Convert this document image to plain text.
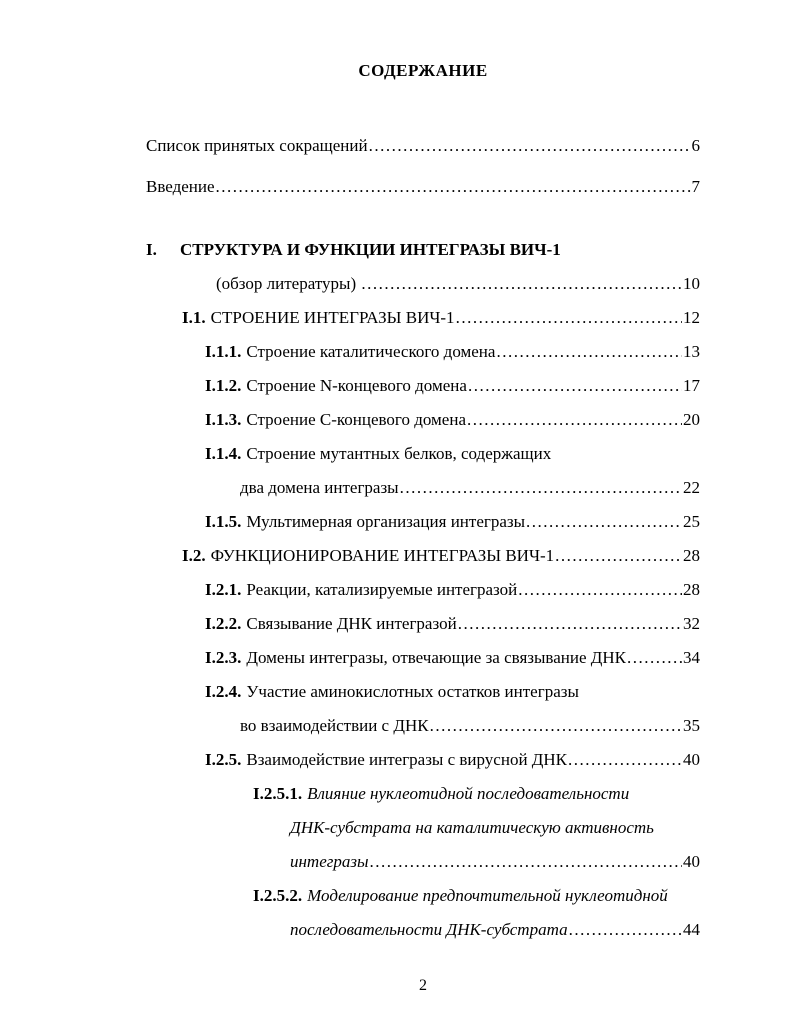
СОДЕРЖАНИЕ
Список принятых сокращений .....	6
Введение .....	7
I.	СТРУКТУРА И ФУНКЦИИ ИНТЕГРАЗЫ ВИЧ-1
(обзор литературы) .....	10
I.1. СТРОЕНИЕ ИНТЕГРАЗЫ ВИЧ-1 .....	12
I.1.1. Строение каталитического домена .....	13
I.1.2. Строение N-концевого домена .....	17
I.1.3. Строение С-концевого домена .....	20
I.1.4. Строение мутантных белков, содержащих
два домена интегразы .....	22
I.1.5. Мультимерная организация интегразы .....	25
I.2. ФУНКЦИОНИРОВАНИЕ ИНТЕГРАЗЫ ВИЧ-1 .....	28
I.2.1. Реакции, катализируемые интегразой .....	28
I.2.2. Связывание ДНК интегразой .....	32
I.2.3. Домены интегразы, отвечающие за связывание ДНК .....	34
I.2.4. Участие аминокислотных остатков интегразы
во взаимодействии с ДНК .....	35
I.2.5. Взаимодействие интегразы с вирусной ДНК .....	40
I.2.5.1. Влияние нуклеотидной последовательности
ДНК-субстрата на каталитическую активность
интегразы .....	40
I.2.5.2. Моделирование предпочтительной нуклеотидной
последовательности ДНК-субстрата .....	44
2
